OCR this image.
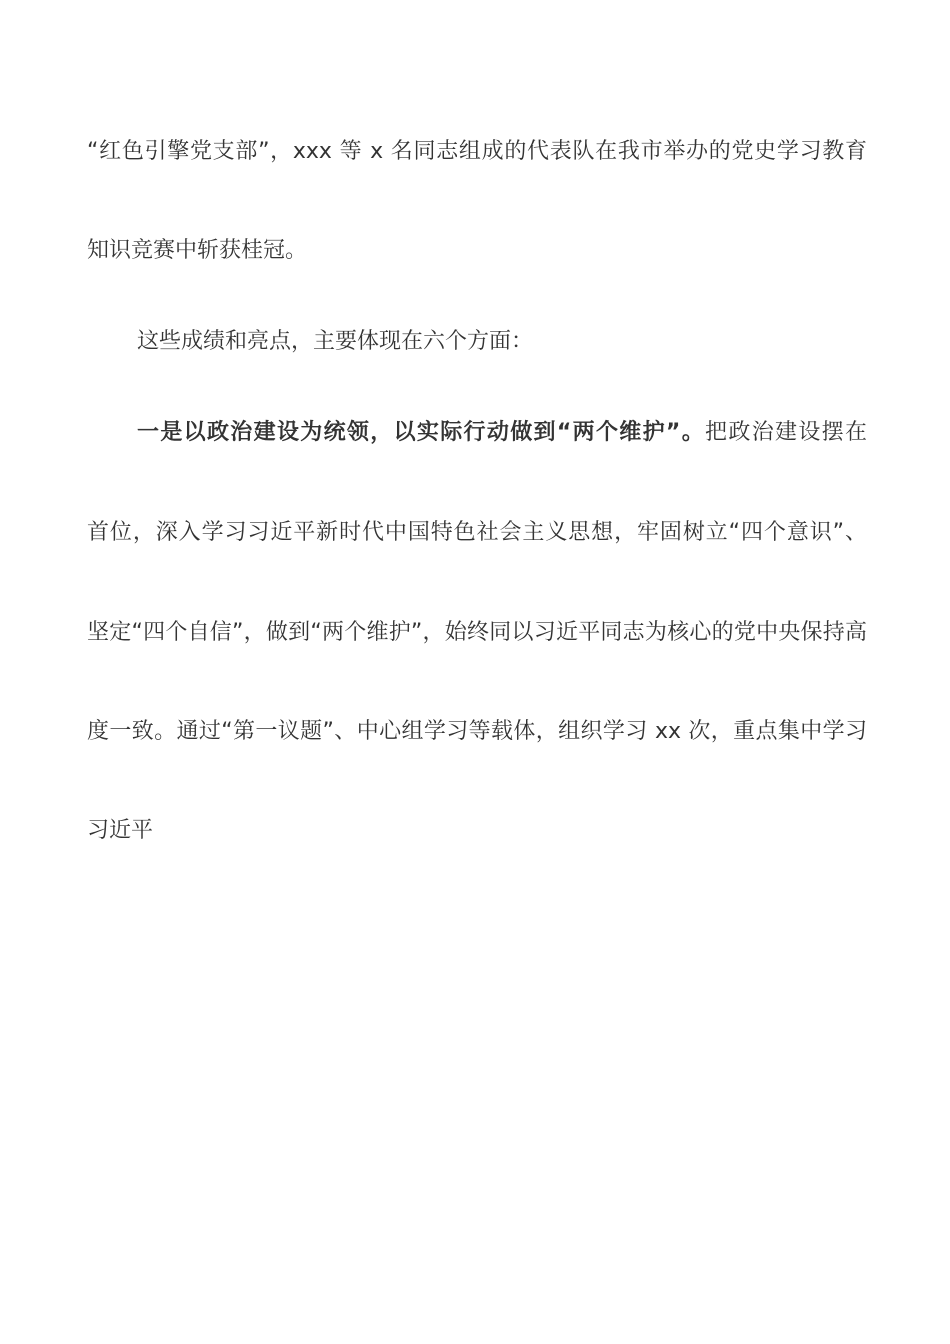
“红色引擎党支部”，xxx 等 x 名同志组成的代表队在我市举办的党史学习教育
知识竞赛中斩获桂冠。
这些成绩和亮点，主要体现在六个方面：
一是以政治建设为统领，以实际行动做到“两个维护”。把政治建设摆在
首位，深入学习习近平新时代中国特色社会主义思想，牢固树立“四个意识”、
坚定“四个自信”，做到“两个维护”，始终同以习近平同志为核心的党中央保持高
度一致。通过“第一议题”、中心组学习等载体，组织学习 xx 次，重点集中学习
习近平
